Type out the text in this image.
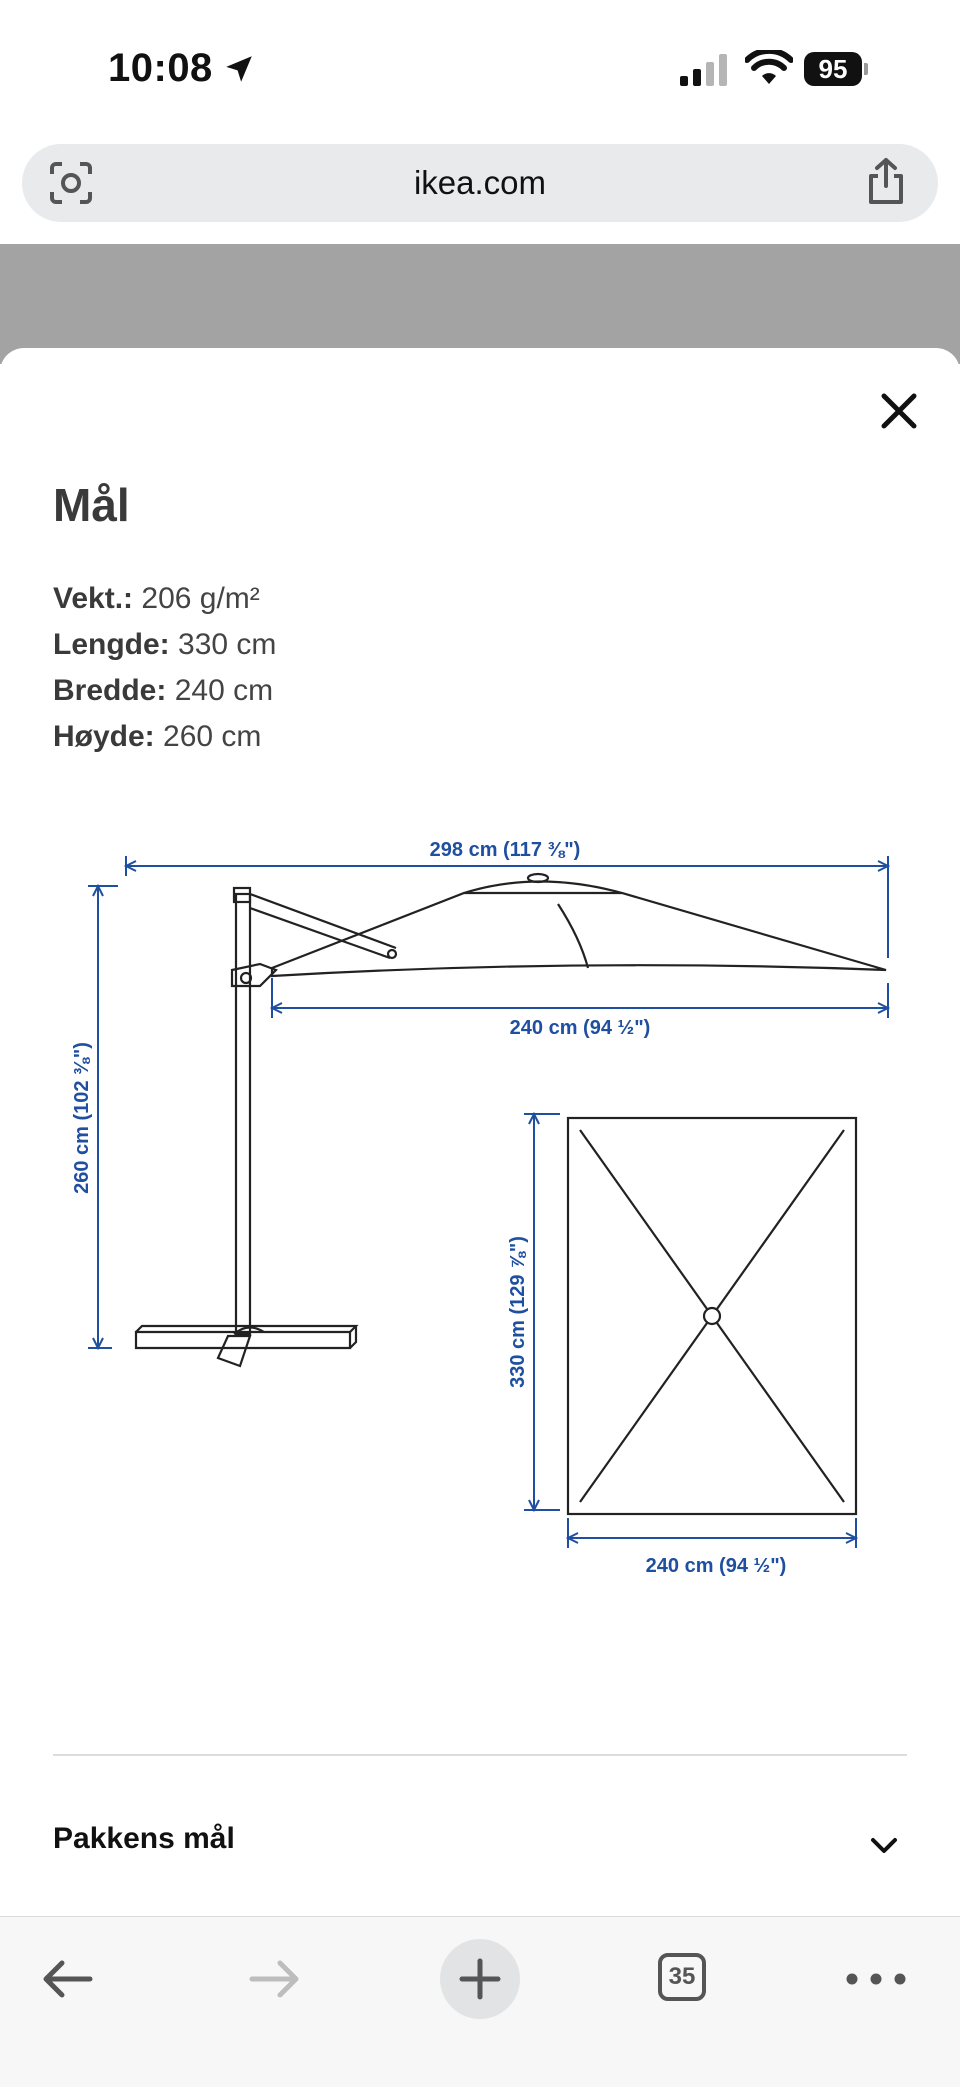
10:08	95
ikea.com
Mål
Vekt.: 206 g/m²
Lengde: 330 cm
Bredde: 240 cm
Høyde: 260 cm
298 cm (117 ⅜")
240 cm (94 ½")
260 cm (102 ⅜")
330 cm (129 ⅞")
240 cm (94 ½")
Pakkens mål
35
